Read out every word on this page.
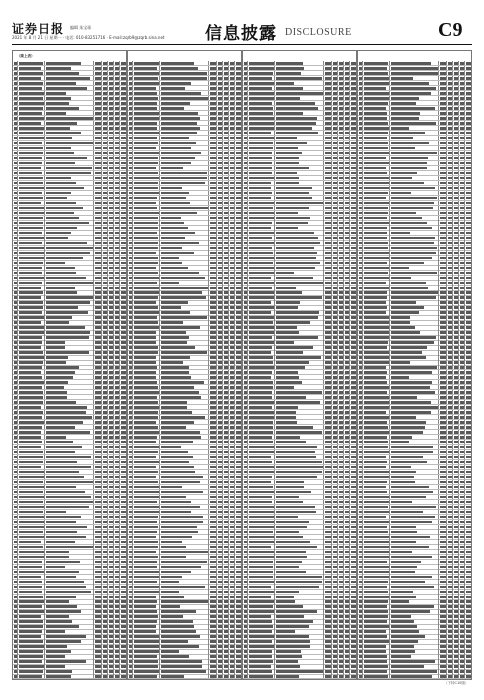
证券日报 编辑 朱宝琛
2021 年 8 月 21 日 星期一 · 电话: 010-83251716 · E-mail:zqrb9@zqrb.sina.net 信息披露 DISCLOSURE	C9
（续上表）
（下转C10版）
